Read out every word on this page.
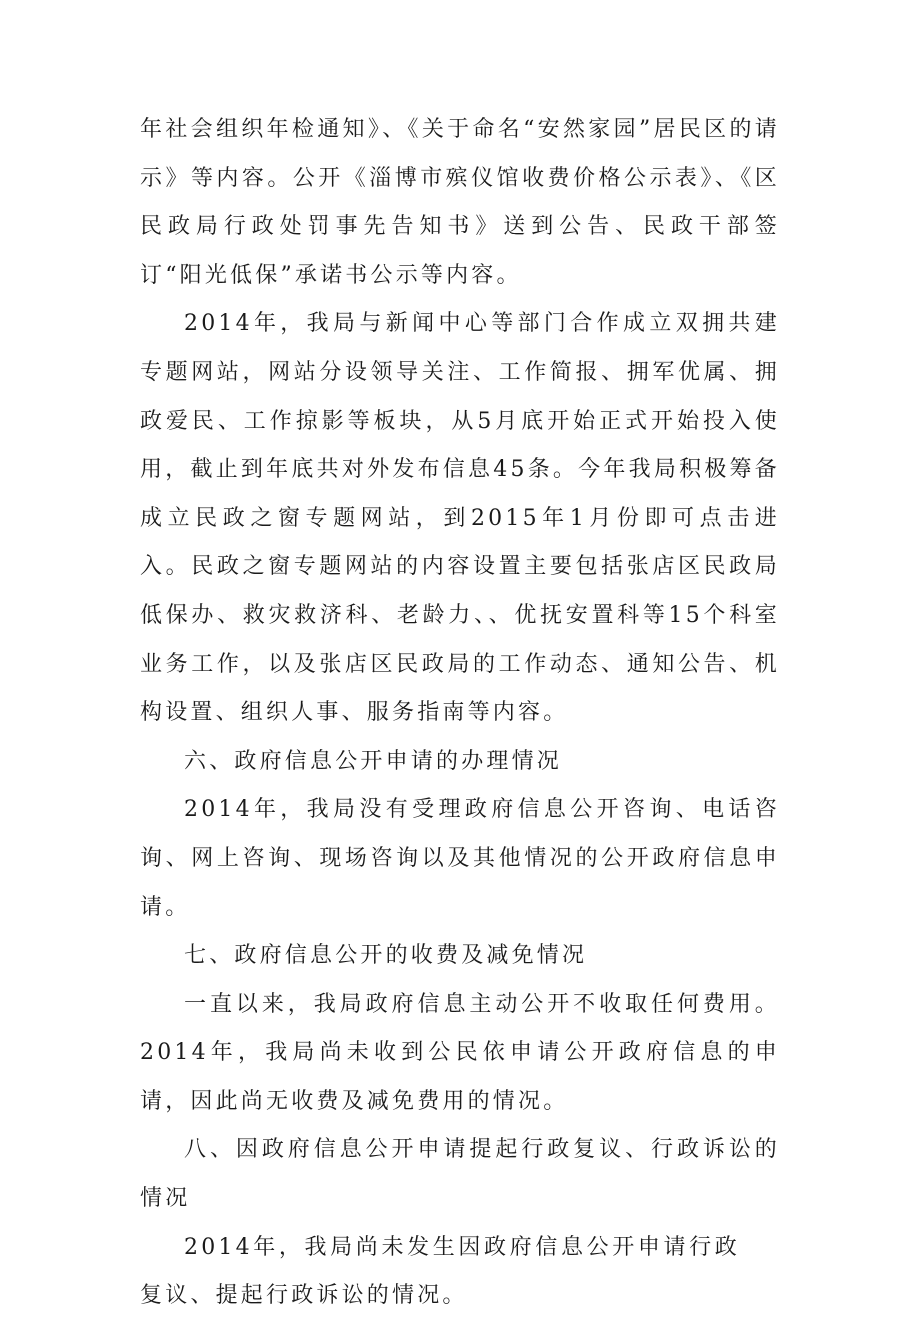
年社会组织年检通知》、《关于命名“安然家园”居民区的请示》等内容。公开《淄博市殡仪馆收费价格公示表》、《区民政局行政处罚事先告知书》送到公告、民政干部签订“阳光低保”承诺书公示等内容。

2014年，我局与新闻中心等部门合作成立双拥共建专题网站，网站分设领导关注、工作简报、拥军优属、拥政爱民、工作掠影等板块，从5月底开始正式开始投入使用，截止到年底共对外发布信息45条。今年我局积极筹备成立民政之窗专题网站，到2015年1月份即可点击进入。民政之窗专题网站的内容设置主要包括张店区民政局低保办、救灾救济科、老龄力、、优抚安置科等15个科室业务工作，以及张店区民政局的工作动态、通知公告、机构设置、组织人事、服务指南等内容。

六、政府信息公开申请的办理情况

2014年，我局没有受理政府信息公开咨询、电话咨询、网上咨询、现场咨询以及其他情况的公开政府信息申请。

七、政府信息公开的收费及减免情况

一直以来，我局政府信息主动公开不收取任何费用。2014年，我局尚未收到公民依申请公开政府信息的申请，因此尚无收费及减免费用的情况。

八、因政府信息公开申请提起行政复议、行政诉讼的情况

2014年，我局尚未发生因政府信息公开申请行政复议、提起行政诉讼的情况。
